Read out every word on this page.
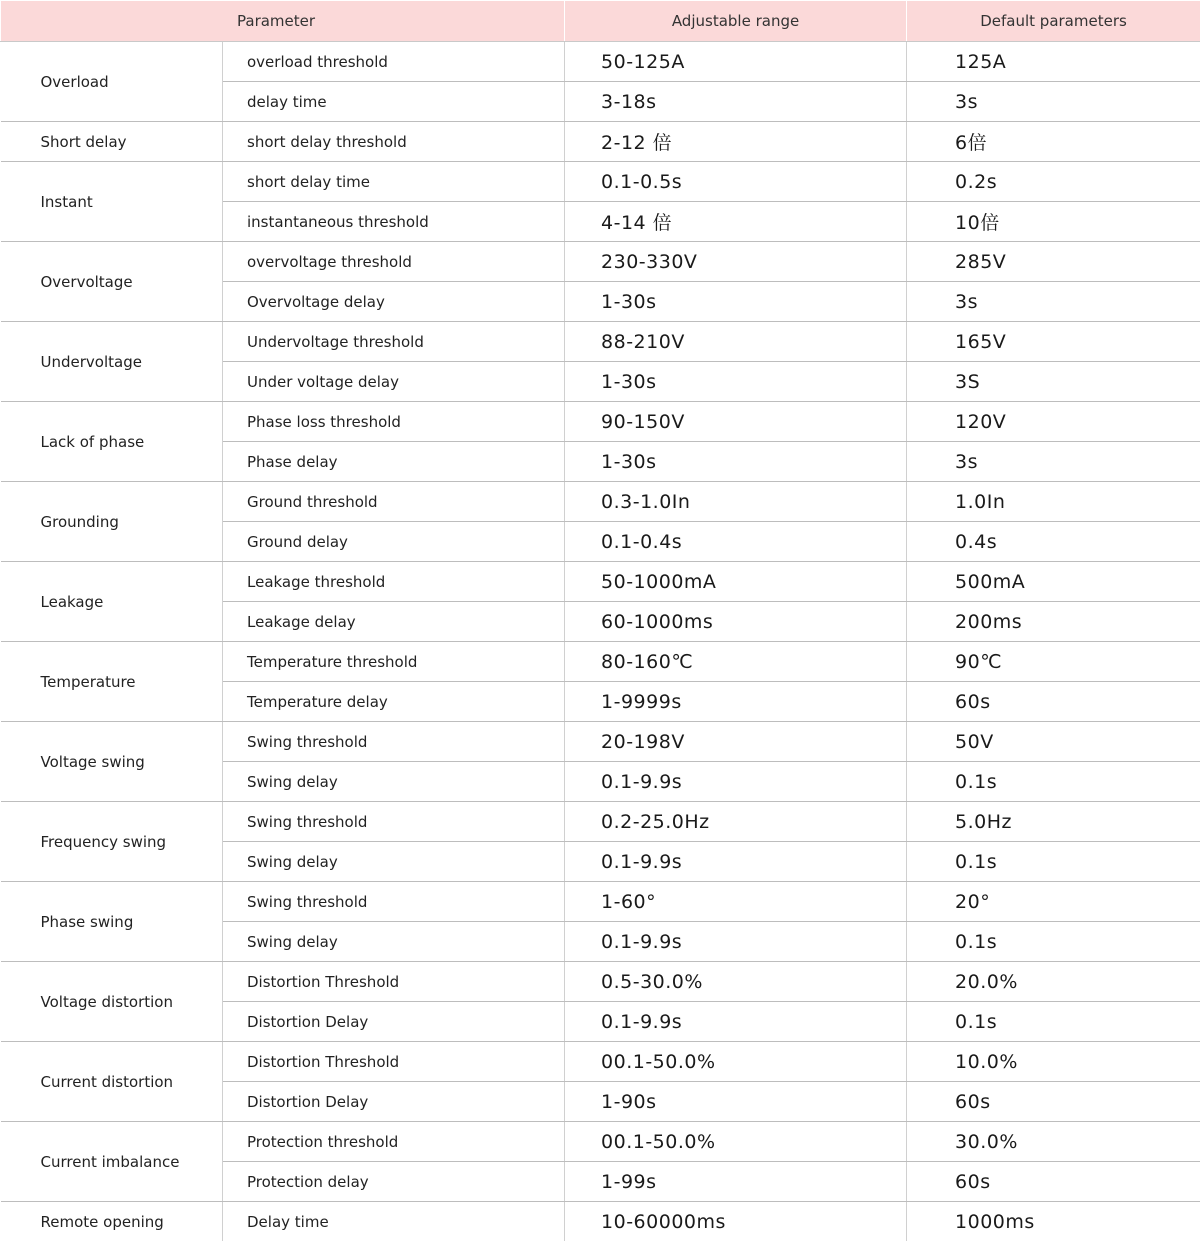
Parameter		Adjustable range	Default parameters
Overload	overload threshold	50-125A	125A
	delay time	3-18s	3s
Short delay	short delay threshold	2-12 倍	6倍
Instant	short delay time	0.1-0.5s	0.2s
	instantaneous threshold	4-14 倍	10倍
Overvoltage	overvoltage threshold	230-330V	285V
	Overvoltage delay	1-30s	3s
Undervoltage	Undervoltage threshold	88-210V	165V
	Under voltage delay	1-30s	3S
Lack of phase	Phase loss threshold	90-150V	120V
	Phase delay	1-30s	3s
Grounding	Ground threshold	0.3-1.0In	1.0In
	Ground delay	0.1-0.4s	0.4s
Leakage	Leakage threshold	50-1000mA	500mA
	Leakage delay	60-1000ms	200ms
Temperature	Temperature threshold	80-160℃	90℃
	Temperature delay	1-9999s	60s
Voltage swing	Swing threshold	20-198V	50V
	Swing delay	0.1-9.9s	0.1s
Frequency swing	Swing threshold	0.2-25.0Hz	5.0Hz
	Swing delay	0.1-9.9s	0.1s
Phase swing	Swing threshold	1-60°	20°
	Swing delay	0.1-9.9s	0.1s
Voltage distortion	Distortion Threshold	0.5-30.0%	20.0%
	Distortion Delay	0.1-9.9s	0.1s
Current distortion	Distortion Threshold	00.1-50.0%	10.0%
	Distortion Delay	1-90s	60s
Current imbalance	Protection threshold	00.1-50.0%	30.0%
	Protection delay	1-99s	60s
Remote opening	Delay time	10-60000ms	1000ms
